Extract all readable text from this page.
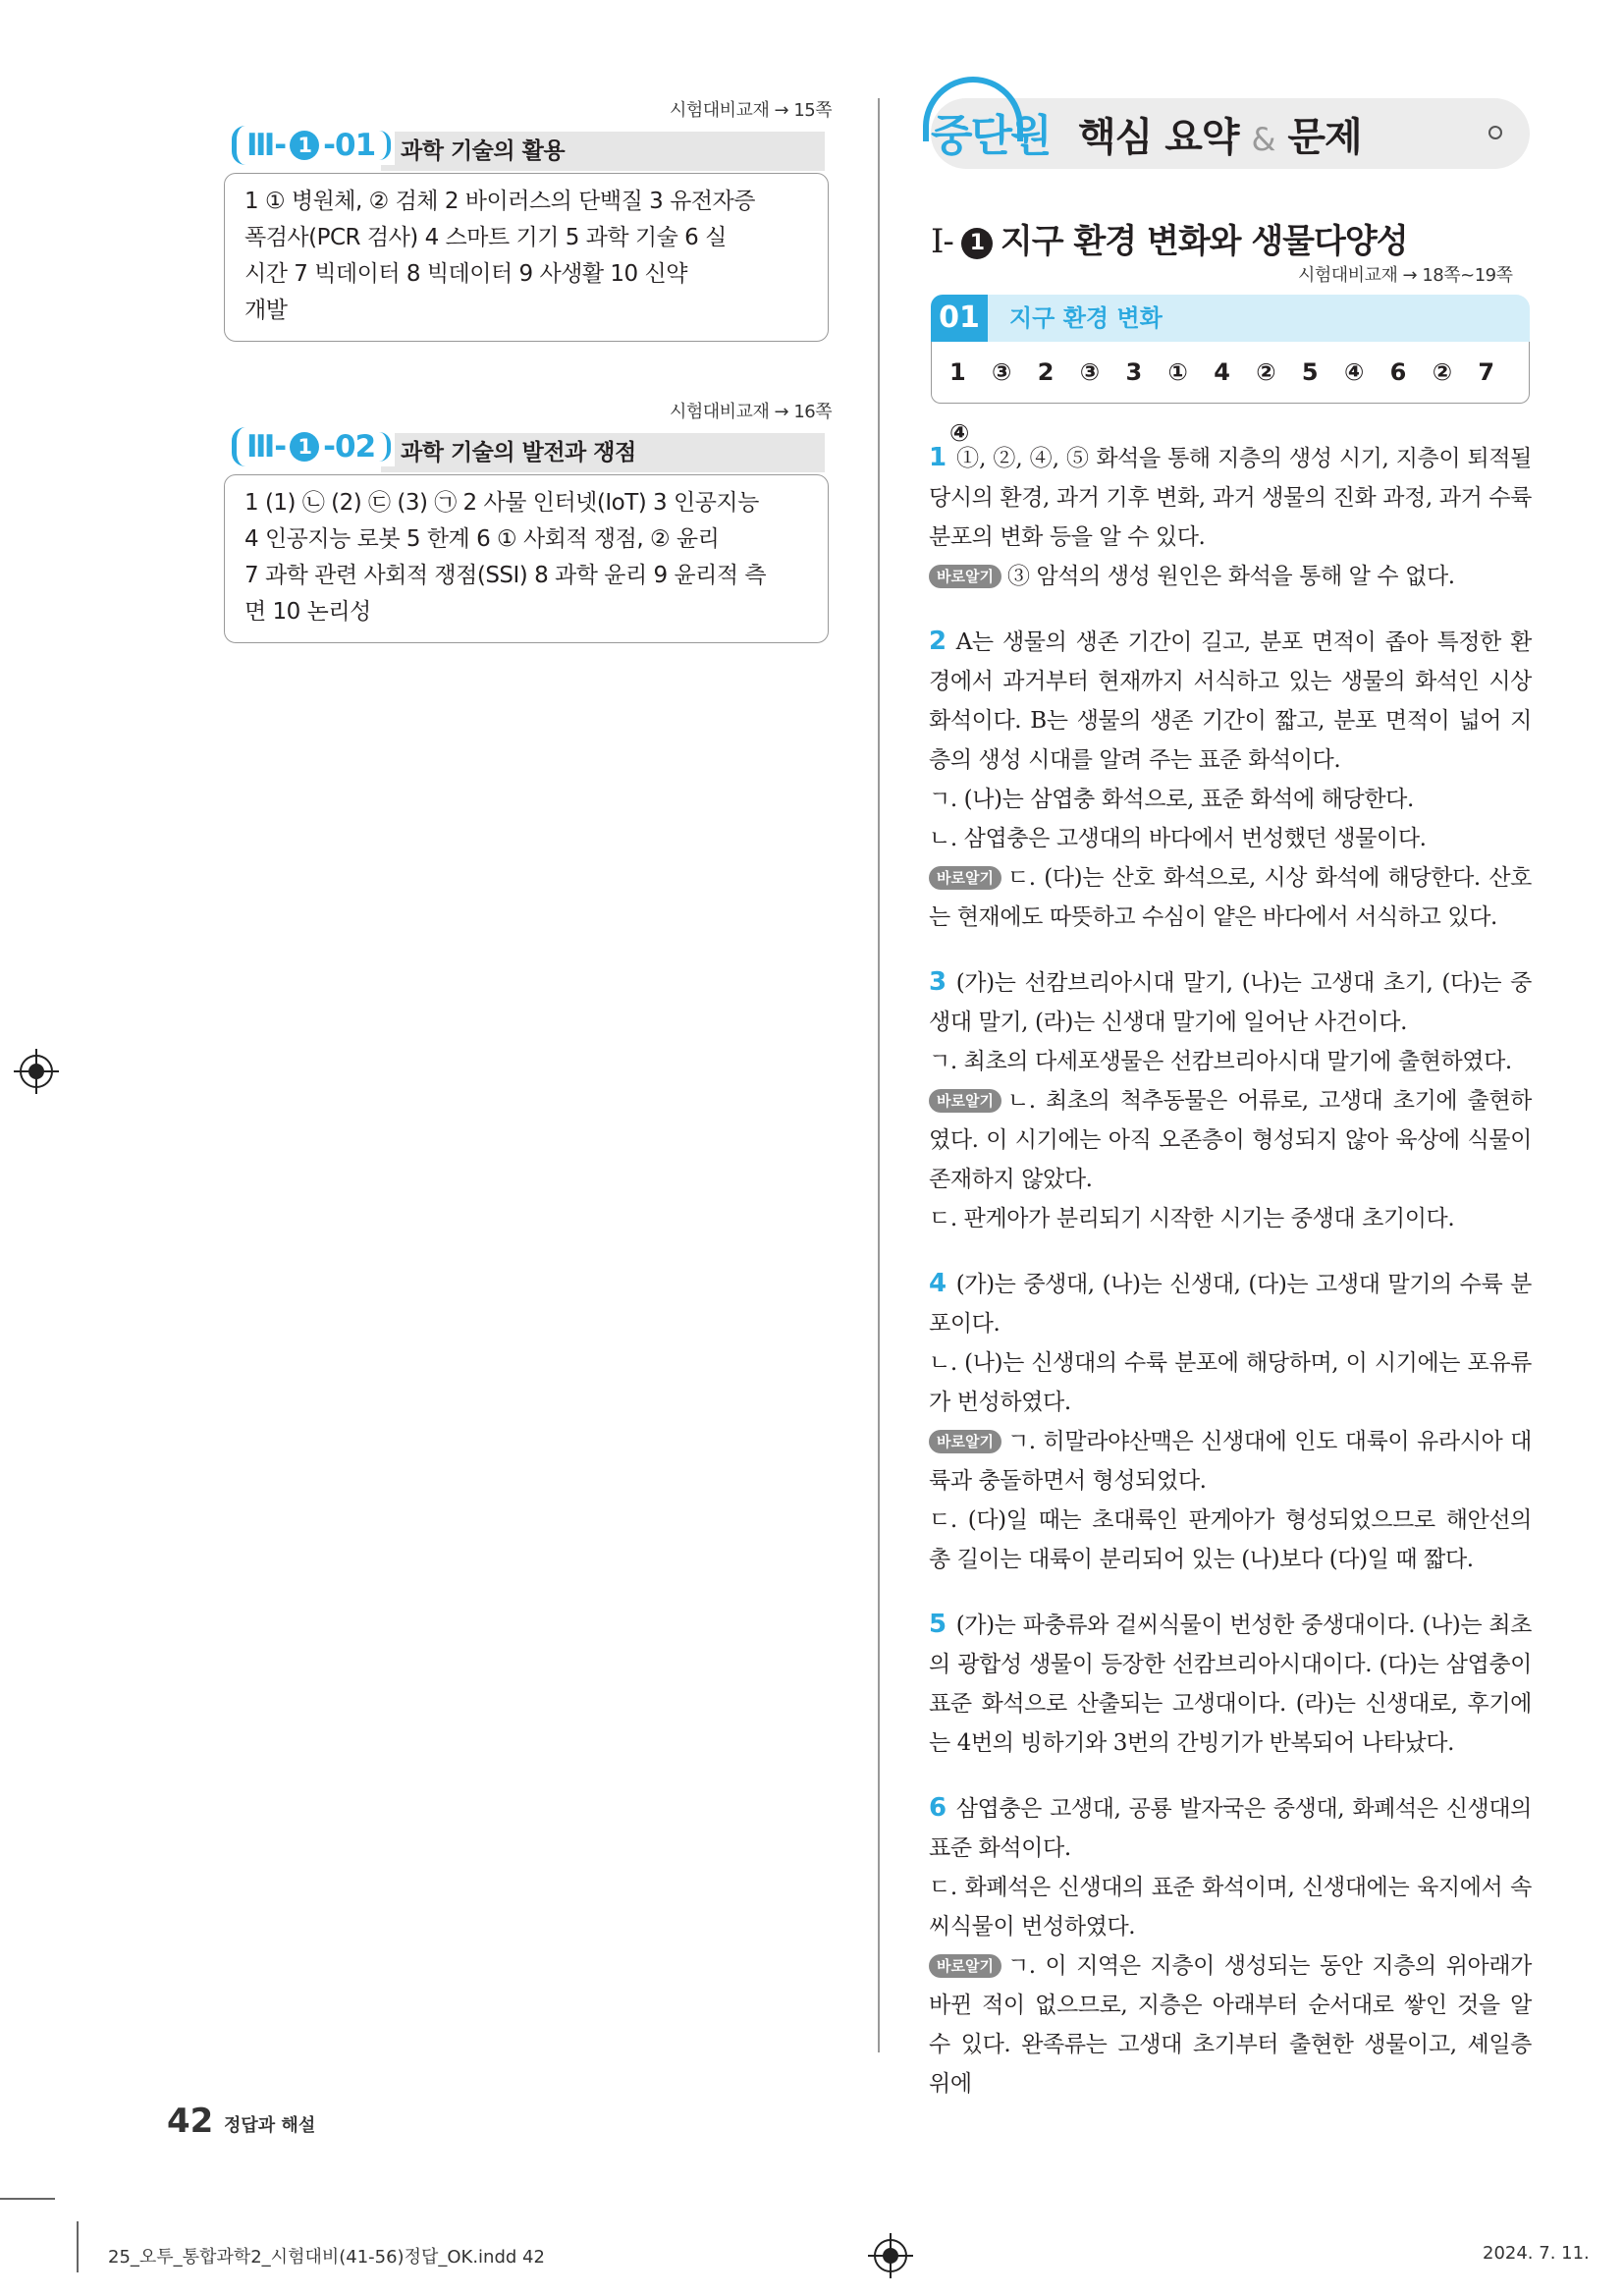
시험대비교재 → 15쪽
Ⅲ- 1 -01	과학 기술의 활용
1 ① 병원체, ② 검체 2 바이러스의 단백질 3 유전자증
폭검사(PCR 검사) 4 스마트 기기 5 과학 기술 6 실
시간 7 빅데이터 8 빅데이터 9 사생활 10 신약
개발
시험대비교재 → 16쪽
Ⅲ- 1 -02	과학 기술의 발전과 쟁점
1 (1) ㉡ (2) ㉢ (3) ㉠ 2 사물 인터넷(IoT) 3 인공지능
4 인공지능 로봇 5 한계 6 ① 사회적 쟁점, ② 윤리
7 과학 관련 사회적 쟁점(SSI) 8 과학 윤리 9 윤리적 측
면 10 논리성
중단원 핵심 요약 & 문제
Ⅰ- 1 지구 환경 변화와 생물다양성
시험대비교재 → 18쪽~19쪽
01	지구 환경 변화
1 ③ 2 ③ 3 ① 4 ② 5 ④ 6 ② 7 ④

1 ①, ②, ④, ⑤ 화석을 통해 지층의 생성 시기, 지층이 퇴적될 당시의 환경, 과거 기후 변화, 과거 생물의 진화 과정, 과거 수륙 분포의 변화 등을 알 수 있다.

바로알기 ③ 암석의 생성 원인은 화석을 통해 알 수 없다.

2 A는 생물의 생존 기간이 길고, 분포 면적이 좁아 특정한 환경에서 과거부터 현재까지 서식하고 있는 생물의 화석인 시상 화석이다. B는 생물의 생존 기간이 짧고, 분포 면적이 넓어 지층의 생성 시대를 알려 주는 표준 화석이다.

ㄱ. (나)는 삼엽충 화석으로, 표준 화석에 해당한다.

ㄴ. 삼엽충은 고생대의 바다에서 번성했던 생물이다.

바로알기 ㄷ. (다)는 산호 화석으로, 시상 화석에 해당한다. 산호는 현재에도 따뜻하고 수심이 얕은 바다에서 서식하고 있다.

3 (가)는 선캄브리아시대 말기, (나)는 고생대 초기, (다)는 중생대 말기, (라)는 신생대 말기에 일어난 사건이다.

ㄱ. 최초의 다세포생물은 선캄브리아시대 말기에 출현하였다.

바로알기 ㄴ. 최초의 척추동물은 어류로, 고생대 초기에 출현하였다. 이 시기에는 아직 오존층이 형성되지 않아 육상에 식물이 존재하지 않았다.

ㄷ. 판게아가 분리되기 시작한 시기는 중생대 초기이다.

4 (가)는 중생대, (나)는 신생대, (다)는 고생대 말기의 수륙 분포이다.

ㄴ. (나)는 신생대의 수륙 분포에 해당하며, 이 시기에는 포유류가 번성하였다.

바로알기 ㄱ. 히말라야산맥은 신생대에 인도 대륙이 유라시아 대륙과 충돌하면서 형성되었다.

ㄷ. (다)일 때는 초대륙인 판게아가 형성되었으므로 해안선의 총 길이는 대륙이 분리되어 있는 (나)보다 (다)일 때 짧다.

5 (가)는 파충류와 겉씨식물이 번성한 중생대이다. (나)는 최초의 광합성 생물이 등장한 선캄브리아시대이다. (다)는 삼엽충이 표준 화석으로 산출되는 고생대이다. (라)는 신생대로, 후기에는 4번의 빙하기와 3번의 간빙기가 반복되어 나타났다.

6 삼엽충은 고생대, 공룡 발자국은 중생대, 화폐석은 신생대의 표준 화석이다.

ㄷ. 화폐석은 신생대의 표준 화석이며, 신생대에는 육지에서 속씨식물이 번성하였다.

바로알기 ㄱ. 이 지역은 지층이 생성되는 동안 지층의 위아래가 바뀐 적이 없으므로, 지층은 아래부터 순서대로 쌓인 것을 알 수 있다. 완족류는 고생대 초기부터 출현한 생물이고, 셰일층 위에

42 정답과 해설
25_오투_통합과학2_시험대비(41-56)정답_OK.indd 42	2024. 7. 11.
